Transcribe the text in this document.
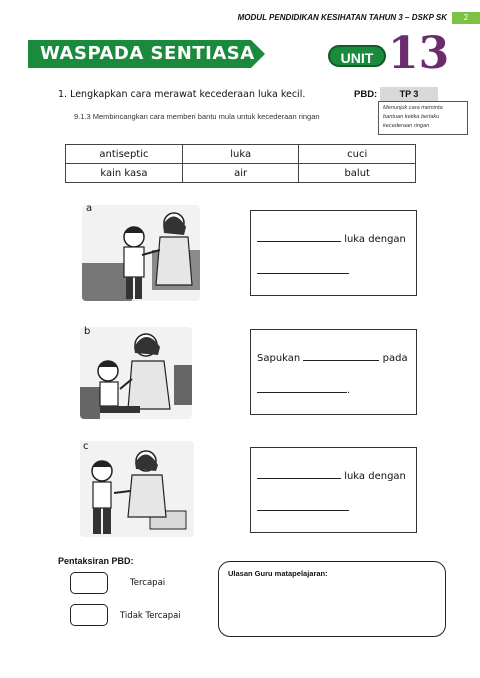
MODUL PENDIDIKAN KESIHATAN TAHUN 3 – DSKP SK	2
WASPADA SENTIASA	UNIT 13
1. Lengkapkan cara merawat kecederaan luka kecil.
9.1.3 Membincangkan cara memberi bantu mula untuk kecederaan ringan
PBD:	TP 3
Menunjuk cara meminta bantuan ketika berlaku kecederaan ringan
antiseptic	luka	cuci
kain kasa	air	balut
a
luka dengan
b
Sapukan	pada
.
c
luka dengan
Pentaksiran PBD:
Tercapai
Tidak Tercapai
Ulasan Guru matapelajaran:
